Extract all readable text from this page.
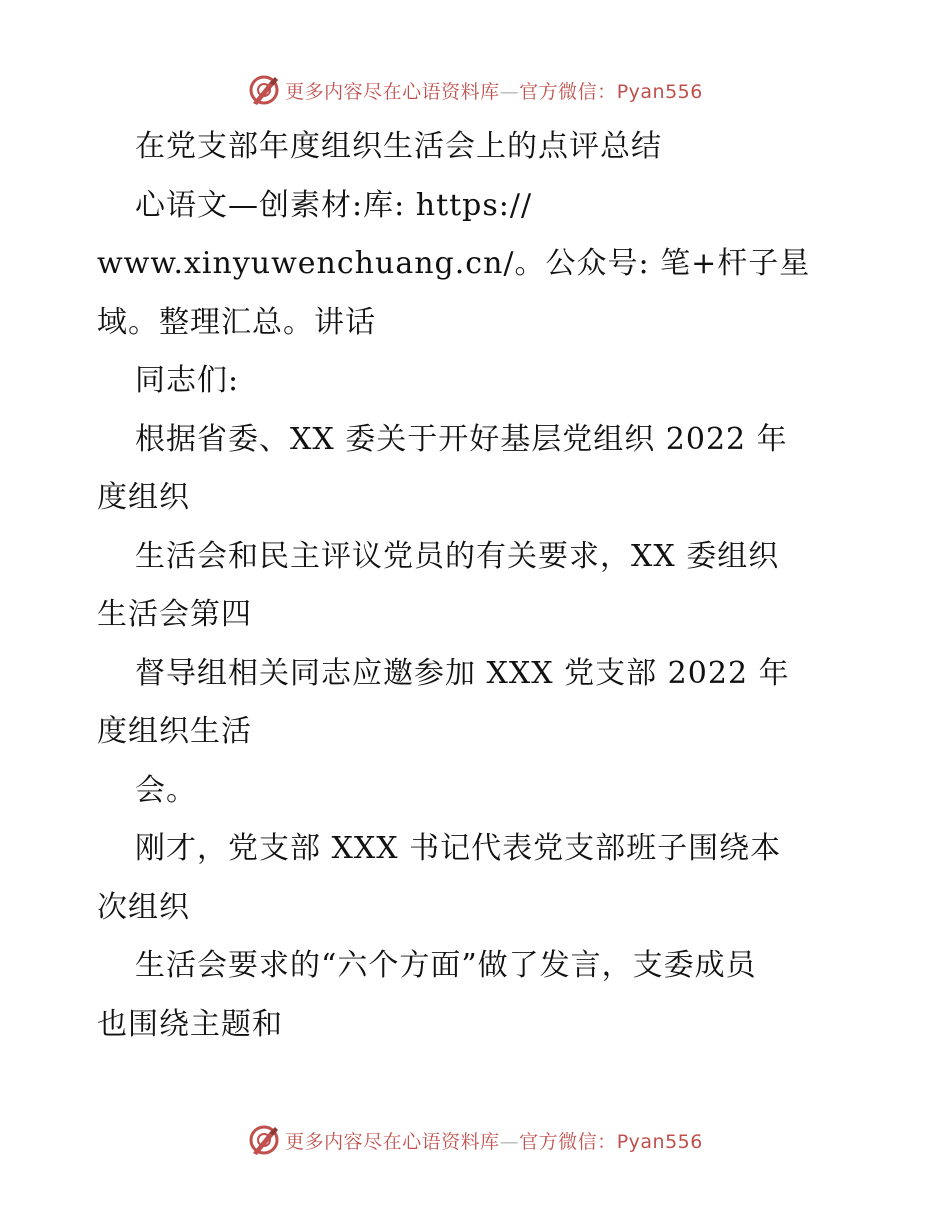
更多内容尽在心语资料库—官方微信：Pyan556
在党支部年度组织生活会上的点评总结
心语文—创素材:库: https://
www.xinyuwenchuang.cn/。公众号: 笔+杆子星
域。整理汇总。讲话
同志们:
根据省委、XX 委关于开好基层党组织 2022 年
度组织
生活会和民主评议党员的有关要求，XX 委组织
生活会第四
督导组相关同志应邀参加 XXX 党支部 2022 年
度组织生活
会。
刚才，党支部 XXX 书记代表党支部班子围绕本
次组织
生活会要求的“六个方面”做了发言，支委成员
也围绕主题和
更多内容尽在心语资料库—官方微信：Pyan556
